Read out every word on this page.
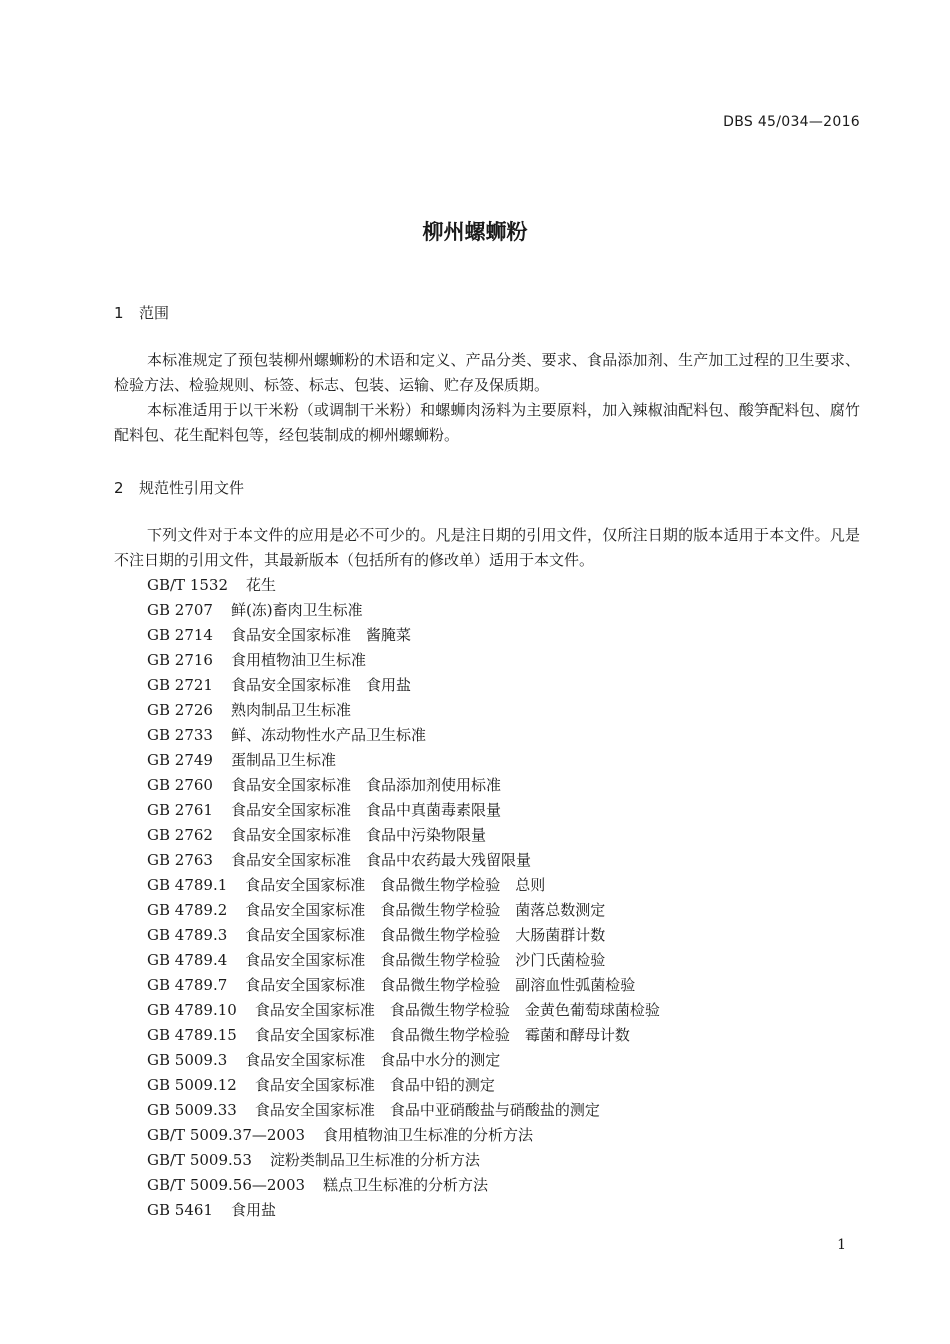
DBS 45/034—2016
柳州螺蛳粉
1 范围

本标准规定了预包装柳州螺蛳粉的术语和定义、产品分类、要求、食品添加剂、生产加工过程的卫生要求、检验方法、检验规则、标签、标志、包装、运输、贮存及保质期。

本标准适用于以干米粉（或调制干米粉）和螺蛳肉汤料为主要原料，加入辣椒油配料包、酸笋配料包、腐竹配料包、花生配料包等，经包装制成的柳州螺蛳粉。

2 规范性引用文件

下列文件对于本文件的应用是必不可少的。凡是注日期的引用文件，仅所注日期的版本适用于本文件。凡是不注日期的引用文件，其最新版本（包括所有的修改单）适用于本文件。

GB/T 1532 花生
GB 2707 鲜(冻)畜肉卫生标准
GB 2714 食品安全国家标准　酱腌菜
GB 2716 食用植物油卫生标准
GB 2721 食品安全国家标准　食用盐
GB 2726 熟肉制品卫生标准
GB 2733 鲜、冻动物性水产品卫生标准
GB 2749 蛋制品卫生标准
GB 2760 食品安全国家标准　食品添加剂使用标准
GB 2761 食品安全国家标准　食品中真菌毒素限量
GB 2762 食品安全国家标准　食品中污染物限量
GB 2763 食品安全国家标准　食品中农药最大残留限量
GB 4789.1 食品安全国家标准　食品微生物学检验　总则
GB 4789.2 食品安全国家标准　食品微生物学检验　菌落总数测定
GB 4789.3 食品安全国家标准　食品微生物学检验　大肠菌群计数
GB 4789.4 食品安全国家标准　食品微生物学检验　沙门氏菌检验
GB 4789.7 食品安全国家标准　食品微生物学检验　副溶血性弧菌检验
GB 4789.10 食品安全国家标准　食品微生物学检验　金黄色葡萄球菌检验
GB 4789.15 食品安全国家标准　食品微生物学检验　霉菌和酵母计数
GB 5009.3 食品安全国家标准　食品中水分的测定
GB 5009.12 食品安全国家标准　食品中铅的测定
GB 5009.33 食品安全国家标准　食品中亚硝酸盐与硝酸盐的测定
GB/T 5009.37—2003 食用植物油卫生标准的分析方法
GB/T 5009.53 淀粉类制品卫生标准的分析方法
GB/T 5009.56—2003 糕点卫生标准的分析方法
GB 5461 食用盐
1
